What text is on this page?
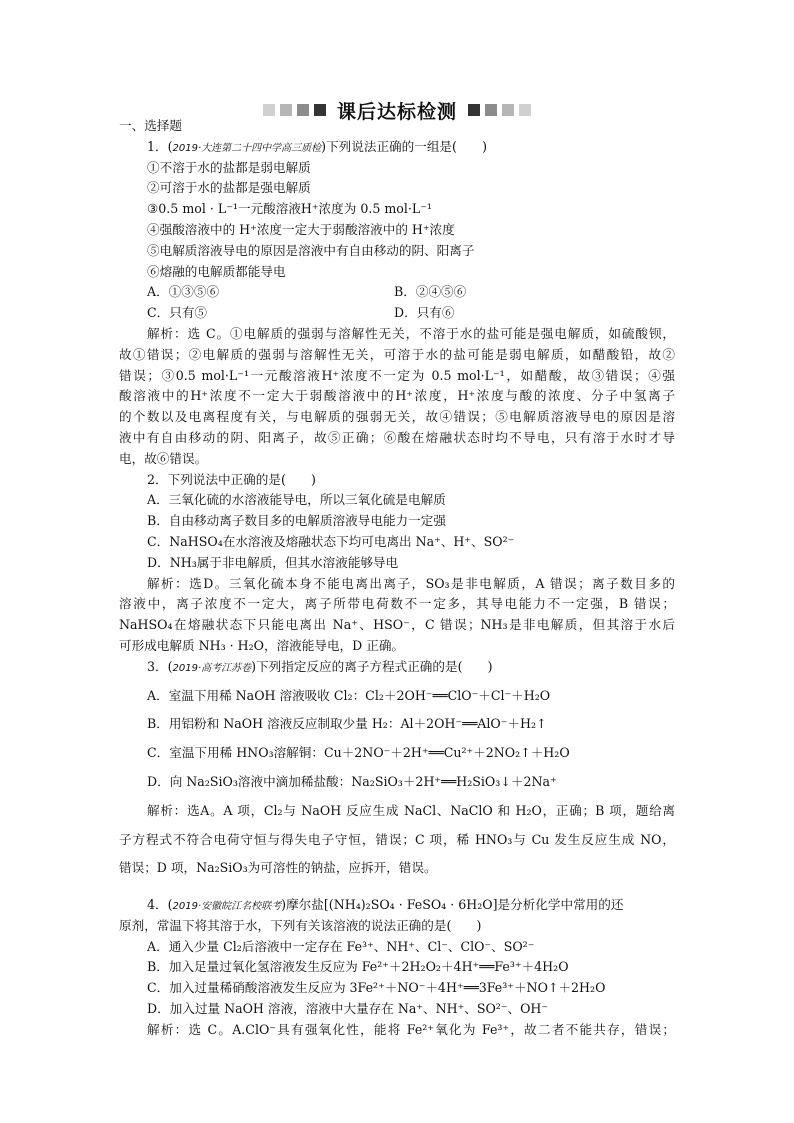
课后达标检测
一、选择题
1．(2019·大连第二十四中学高三质检)下列说法正确的一组是(　　)
①不溶于水的盐都是弱电解质
②可溶于水的盐都是强电解质
③0.5 mol · L⁻¹一元酸溶液H⁺浓度为 0.5 mol·L⁻¹
④强酸溶液中的 H⁺浓度一定大于弱酸溶液中的 H⁺浓度
⑤电解质溶液导电的原因是溶液中有自由移动的阴、阳离子
⑥熔融的电解质都能导电
A．①③⑤⑥	B．②④⑤⑥
C．只有⑤	D．只有⑥
解析：选 C。①电解质的强弱与溶解性无关，不溶于水的盐可能是强电解质，如硫酸钡，
故①错误；②电解质的强弱与溶解性无关，可溶于水的盐可能是弱电解质，如醋酸铅，故②
错误；③0.5 mol·L⁻¹一元酸溶液H⁺浓度不一定为 0.5 mol·L⁻¹，如醋酸，故③错误；④强
酸溶液中的H⁺浓度不一定大于弱酸溶液中的H⁺浓度，H⁺浓度与酸的浓度、分子中氢离子
的个数以及电离程度有关，与电解质的强弱无关，故④错误；⑤电解质溶液导电的原因是溶
液中有自由移动的阴、阳离子，故⑤正确；⑥酸在熔融状态时均不导电，只有溶于水时才导
电，故⑥错误。
2．下列说法中正确的是(　　)
A．三氧化硫的水溶液能导电，所以三氧化硫是电解质
B．自由移动离子数目多的电解质溶液导电能力一定强
C．NaHSO₄在水溶液及熔融状态下均可电离出 Na⁺、H⁺、SO²⁻
D．NH₃属于非电解质，但其水溶液能够导电
解析：选D。三氧化硫本身不能电离出离子，SO₃是非电解质，A 错误；离子数目多的
溶液中，离子浓度不一定大，离子所带电荷数不一定多，其导电能力不一定强，B 错误；
NaHSO₄在熔融状态下只能电离出 Na⁺、HSO⁻，C 错误；NH₃是非电解质，但其溶于水后
可形成电解质 NH₃ · H₂O，溶液能导电，D 正确。
3．(2019·高考江苏卷)下列指定反应的离子方程式正确的是(　　)
A．室温下用稀 NaOH 溶液吸收 Cl₂：Cl₂＋2OH⁻══ClO⁻＋Cl⁻＋H₂O
B．用铝粉和 NaOH 溶液反应制取少量 H₂：Al＋2OH⁻══AlO⁻＋H₂↑
C．室温下用稀 HNO₃溶解铜：Cu＋2NO⁻＋2H⁺══Cu²⁺＋2NO₂↑＋H₂O
D．向 Na₂SiO₃溶液中滴加稀盐酸：Na₂SiO₃＋2H⁺══H₂SiO₃↓＋2Na⁺
解析：选A。A 项，Cl₂与 NaOH 反应生成 NaCl、NaClO 和 H₂O，正确；B 项，题给离
子方程式不符合电荷守恒与得失电子守恒，错误；C 项，稀 HNO₃与 Cu 发生反应生成 NO，
错误；D 项，Na₂SiO₃为可溶性的钠盐，应拆开，错误。
4．(2019·安徽皖江名校联考)摩尔盐[(NH₄)₂SO₄ · FeSO₄ · 6H₂O]是分析化学中常用的还
原剂，常温下将其溶于水，下列有关该溶液的说法正确的是(　　)
A．通入少量 Cl₂后溶液中一定存在 Fe³⁺、NH⁺、Cl⁻、ClO⁻、SO²⁻
B．加入足量过氧化氢溶液发生反应为 Fe²⁺＋2H₂O₂＋4H⁺══Fe³⁺＋4H₂O
C．加入过量稀硝酸溶液发生反应为 3Fe²⁺＋NO⁻＋4H⁺══3Fe³⁺＋NO↑＋2H₂O
D．加入过量 NaOH 溶液，溶液中大量存在 Na⁺、NH⁺、SO²⁻、OH⁻
解析：选 C。A.ClO⁻具有强氧化性，能将 Fe²⁺氧化为 Fe³⁺，故二者不能共存，错误；
